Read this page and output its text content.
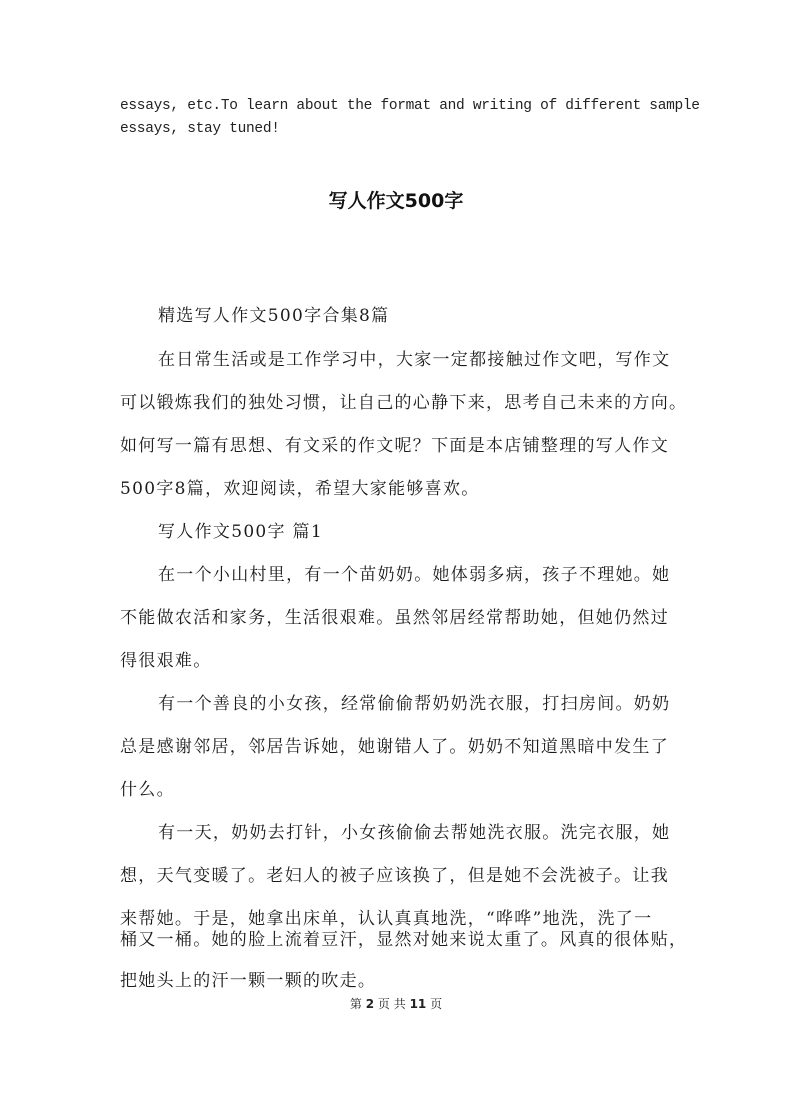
essays, etc.To learn about the format and writing of different sample
essays, stay tuned!
写人作文500字
精选写人作文500字合集8篇
在日常生活或是工作学习中，大家一定都接触过作文吧，写作文
可以锻炼我们的独处习惯，让自己的心静下来，思考自己未来的方向。
如何写一篇有思想、有文采的作文呢？下面是本店铺整理的写人作文
500字8篇，欢迎阅读，希望大家能够喜欢。
写人作文500字 篇1
在一个小山村里，有一个苗奶奶。她体弱多病，孩子不理她。她
不能做农活和家务，生活很艰难。虽然邻居经常帮助她，但她仍然过
得很艰难。
有一个善良的小女孩，经常偷偷帮奶奶洗衣服，打扫房间。奶奶
总是感谢邻居，邻居告诉她，她谢错人了。奶奶不知道黑暗中发生了
什么。
有一天，奶奶去打针，小女孩偷偷去帮她洗衣服。洗完衣服，她
想，天气变暖了。老妇人的被子应该换了，但是她不会洗被子。让我
来帮她。于是，她拿出床单，认认真真地洗，“哗哗”地洗，洗了一
桶又一桶。她的脸上流着豆汗，显然对她来说太重了。风真的很体贴，
把她头上的汗一颗一颗的吹走。
第 2 页 共 11 页
